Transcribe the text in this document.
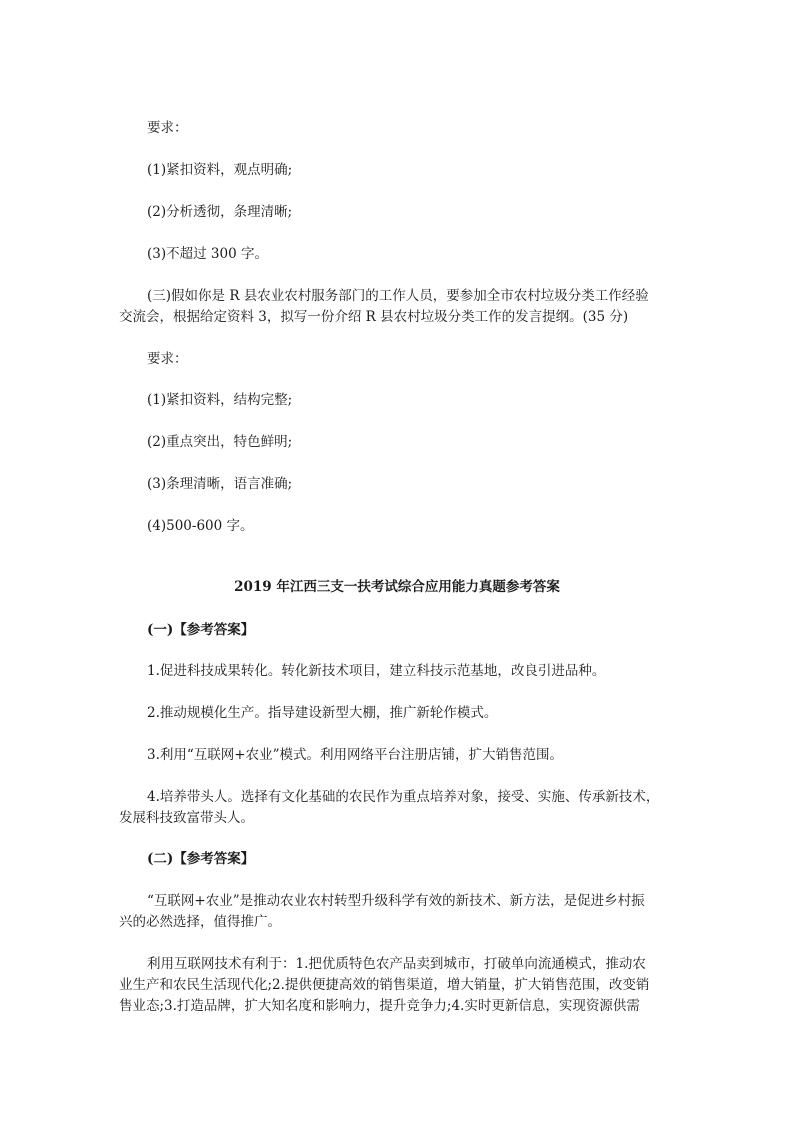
要求：

(1)紧扣资料，观点明确;

(2)分析透彻，条理清晰;

(3)不超过 300 字。

(三)假如你是 R 县农业农村服务部门的工作人员，要参加全市农村垃圾分类工作经验

交流会，根据给定资料 3，拟写一份介绍 R 县农村垃圾分类工作的发言提纲。(35 分)

要求：

(1)紧扣资料，结构完整;

(2)重点突出，特色鲜明;

(3)条理清晰，语言准确;

(4)500-600 字。

2019 年江西三支一扶考试综合应用能力真题参考答案

(一)【参考答案】

1.促进科技成果转化。转化新技术项目，建立科技示范基地，改良引进品种。

2.推动规模化生产。指导建设新型大棚，推广新轮作模式。

3.利用“互联网+农业”模式。利用网络平台注册店铺，扩大销售范围。

4.培养带头人。选择有文化基础的农民作为重点培养对象，接受、实施、传承新技术，

发展科技致富带头人。

(二)【参考答案】

“互联网+农业”是推动农业农村转型升级科学有效的新技术、新方法，是促进乡村振

兴的必然选择，值得推广。

利用互联网技术有利于：1.把优质特色农产品卖到城市，打破单向流通模式，推动农

业生产和农民生活现代化;2.提供便捷高效的销售渠道，增大销量，扩大销售范围，改变销

售业态;3.打造品牌，扩大知名度和影响力，提升竞争力;4.实时更新信息，实现资源供需
